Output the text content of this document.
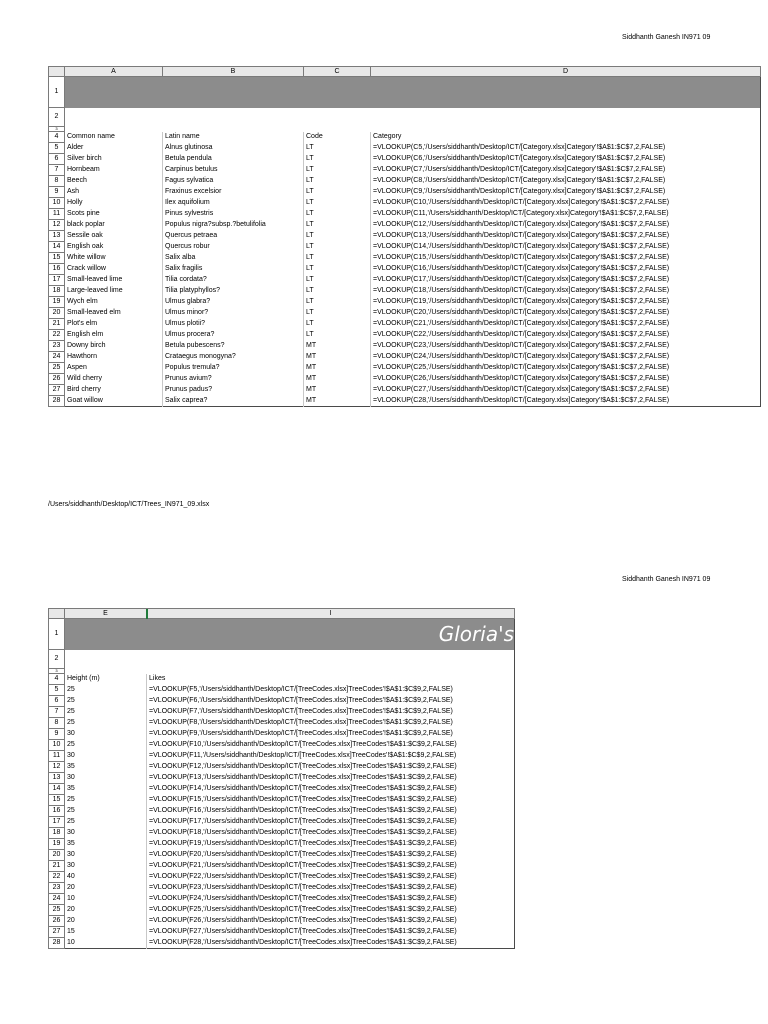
Siddhanth Ganesh IN971 09
	A	B	C	D
1				
2				
3				
4	Common name	Latin name	Code	Category
5	Alder	Alnus glutinosa	LT	=VLOOKUP(C5,'/Users/siddhanth/Desktop/ICT/[Category.xlsx]Category'!$A$1:$C$7,2,FALSE)
6	Silver birch	Betula pendula	LT	=VLOOKUP(C6,'/Users/siddhanth/Desktop/ICT/[Category.xlsx]Category'!$A$1:$C$7,2,FALSE)
7	Hornbeam	Carpinus betulus	LT	=VLOOKUP(C7,'/Users/siddhanth/Desktop/ICT/[Category.xlsx]Category'!$A$1:$C$7,2,FALSE)
8	Beech	Fagus sylvatica	LT	=VLOOKUP(C8,'/Users/siddhanth/Desktop/ICT/[Category.xlsx]Category'!$A$1:$C$7,2,FALSE)
9	Ash	Fraxinus excelsior	LT	=VLOOKUP(C9,'/Users/siddhanth/Desktop/ICT/[Category.xlsx]Category'!$A$1:$C$7,2,FALSE)
10	Holly	Ilex aquifolium	LT	=VLOOKUP(C10,'/Users/siddhanth/Desktop/ICT/[Category.xlsx]Category'!$A$1:$C$7,2,FALSE)
11	Scots pine	Pinus sylvestris	LT	=VLOOKUP(C11,'/Users/siddhanth/Desktop/ICT/[Category.xlsx]Category'!$A$1:$C$7,2,FALSE)
12	black poplar	Populus nigra?subsp.?betulifolia	LT	=VLOOKUP(C12,'/Users/siddhanth/Desktop/ICT/[Category.xlsx]Category'!$A$1:$C$7,2,FALSE)
13	Sessile oak	Quercus petraea	LT	=VLOOKUP(C13,'/Users/siddhanth/Desktop/ICT/[Category.xlsx]Category'!$A$1:$C$7,2,FALSE)
14	English oak	Quercus robur	LT	=VLOOKUP(C14,'/Users/siddhanth/Desktop/ICT/[Category.xlsx]Category'!$A$1:$C$7,2,FALSE)
15	White willow	Salix alba	LT	=VLOOKUP(C15,'/Users/siddhanth/Desktop/ICT/[Category.xlsx]Category'!$A$1:$C$7,2,FALSE)
16	Crack willow	Salix fragilis	LT	=VLOOKUP(C16,'/Users/siddhanth/Desktop/ICT/[Category.xlsx]Category'!$A$1:$C$7,2,FALSE)
17	Small-leaved lime	Tilia cordata?	LT	=VLOOKUP(C17,'/Users/siddhanth/Desktop/ICT/[Category.xlsx]Category'!$A$1:$C$7,2,FALSE)
18	Large-leaved lime	Tilia platyphyllos?	LT	=VLOOKUP(C18,'/Users/siddhanth/Desktop/ICT/[Category.xlsx]Category'!$A$1:$C$7,2,FALSE)
19	Wych elm	Ulmus glabra?	LT	=VLOOKUP(C19,'/Users/siddhanth/Desktop/ICT/[Category.xlsx]Category'!$A$1:$C$7,2,FALSE)
20	Small-leaved elm	Ulmus minor?	LT	=VLOOKUP(C20,'/Users/siddhanth/Desktop/ICT/[Category.xlsx]Category'!$A$1:$C$7,2,FALSE)
21	Plot's elm	Ulmus plotii?	LT	=VLOOKUP(C21,'/Users/siddhanth/Desktop/ICT/[Category.xlsx]Category'!$A$1:$C$7,2,FALSE)
22	English elm	Ulmus procera?	LT	=VLOOKUP(C22,'/Users/siddhanth/Desktop/ICT/[Category.xlsx]Category'!$A$1:$C$7,2,FALSE)
23	Downy birch	Betula pubescens?	MT	=VLOOKUP(C23,'/Users/siddhanth/Desktop/ICT/[Category.xlsx]Category'!$A$1:$C$7,2,FALSE)
24	Hawthorn	Crataegus monogyna?	MT	=VLOOKUP(C24,'/Users/siddhanth/Desktop/ICT/[Category.xlsx]Category'!$A$1:$C$7,2,FALSE)
25	Aspen	Populus tremula?	MT	=VLOOKUP(C25,'/Users/siddhanth/Desktop/ICT/[Category.xlsx]Category'!$A$1:$C$7,2,FALSE)
26	Wild cherry	Prunus avium?	MT	=VLOOKUP(C26,'/Users/siddhanth/Desktop/ICT/[Category.xlsx]Category'!$A$1:$C$7,2,FALSE)
27	Bird cherry	Prunus padus?	MT	=VLOOKUP(C27,'/Users/siddhanth/Desktop/ICT/[Category.xlsx]Category'!$A$1:$C$7,2,FALSE)
28	Goat willow	Salix caprea?	MT	=VLOOKUP(C28,'/Users/siddhanth/Desktop/ICT/[Category.xlsx]Category'!$A$1:$C$7,2,FALSE)
/Users/siddhanth/Desktop/ICT/Trees_IN971_09.xlsx
Siddhanth Ganesh IN971 09
	E	I
1	Gloria's	
2		
3		
4	Height (m)	Likes
5	25	=VLOOKUP(F5,'/Users/siddhanth/Desktop/ICT/[TreeCodes.xlsx]TreeCodes'!$A$1:$C$9,2,FALSE)
6	25	=VLOOKUP(F6,'/Users/siddhanth/Desktop/ICT/[TreeCodes.xlsx]TreeCodes'!$A$1:$C$9,2,FALSE)
7	25	=VLOOKUP(F7,'/Users/siddhanth/Desktop/ICT/[TreeCodes.xlsx]TreeCodes'!$A$1:$C$9,2,FALSE)
8	25	=VLOOKUP(F8,'/Users/siddhanth/Desktop/ICT/[TreeCodes.xlsx]TreeCodes'!$A$1:$C$9,2,FALSE)
9	30	=VLOOKUP(F9,'/Users/siddhanth/Desktop/ICT/[TreeCodes.xlsx]TreeCodes'!$A$1:$C$9,2,FALSE)
10	25	=VLOOKUP(F10,'/Users/siddhanth/Desktop/ICT/[TreeCodes.xlsx]TreeCodes'!$A$1:$C$9,2,FALSE)
11	30	=VLOOKUP(F11,'/Users/siddhanth/Desktop/ICT/[TreeCodes.xlsx]TreeCodes'!$A$1:$C$9,2,FALSE)
12	35	=VLOOKUP(F12,'/Users/siddhanth/Desktop/ICT/[TreeCodes.xlsx]TreeCodes'!$A$1:$C$9,2,FALSE)
13	30	=VLOOKUP(F13,'/Users/siddhanth/Desktop/ICT/[TreeCodes.xlsx]TreeCodes'!$A$1:$C$9,2,FALSE)
14	35	=VLOOKUP(F14,'/Users/siddhanth/Desktop/ICT/[TreeCodes.xlsx]TreeCodes'!$A$1:$C$9,2,FALSE)
15	25	=VLOOKUP(F15,'/Users/siddhanth/Desktop/ICT/[TreeCodes.xlsx]TreeCodes'!$A$1:$C$9,2,FALSE)
16	25	=VLOOKUP(F16,'/Users/siddhanth/Desktop/ICT/[TreeCodes.xlsx]TreeCodes'!$A$1:$C$9,2,FALSE)
17	25	=VLOOKUP(F17,'/Users/siddhanth/Desktop/ICT/[TreeCodes.xlsx]TreeCodes'!$A$1:$C$9,2,FALSE)
18	30	=VLOOKUP(F18,'/Users/siddhanth/Desktop/ICT/[TreeCodes.xlsx]TreeCodes'!$A$1:$C$9,2,FALSE)
19	35	=VLOOKUP(F19,'/Users/siddhanth/Desktop/ICT/[TreeCodes.xlsx]TreeCodes'!$A$1:$C$9,2,FALSE)
20	30	=VLOOKUP(F20,'/Users/siddhanth/Desktop/ICT/[TreeCodes.xlsx]TreeCodes'!$A$1:$C$9,2,FALSE)
21	30	=VLOOKUP(F21,'/Users/siddhanth/Desktop/ICT/[TreeCodes.xlsx]TreeCodes'!$A$1:$C$9,2,FALSE)
22	40	=VLOOKUP(F22,'/Users/siddhanth/Desktop/ICT/[TreeCodes.xlsx]TreeCodes'!$A$1:$C$9,2,FALSE)
23	20	=VLOOKUP(F23,'/Users/siddhanth/Desktop/ICT/[TreeCodes.xlsx]TreeCodes'!$A$1:$C$9,2,FALSE)
24	10	=VLOOKUP(F24,'/Users/siddhanth/Desktop/ICT/[TreeCodes.xlsx]TreeCodes'!$A$1:$C$9,2,FALSE)
25	20	=VLOOKUP(F25,'/Users/siddhanth/Desktop/ICT/[TreeCodes.xlsx]TreeCodes'!$A$1:$C$9,2,FALSE)
26	20	=VLOOKUP(F26,'/Users/siddhanth/Desktop/ICT/[TreeCodes.xlsx]TreeCodes'!$A$1:$C$9,2,FALSE)
27	15	=VLOOKUP(F27,'/Users/siddhanth/Desktop/ICT/[TreeCodes.xlsx]TreeCodes'!$A$1:$C$9,2,FALSE)
28	10	=VLOOKUP(F28,'/Users/siddhanth/Desktop/ICT/[TreeCodes.xlsx]TreeCodes'!$A$1:$C$9,2,FALSE)
